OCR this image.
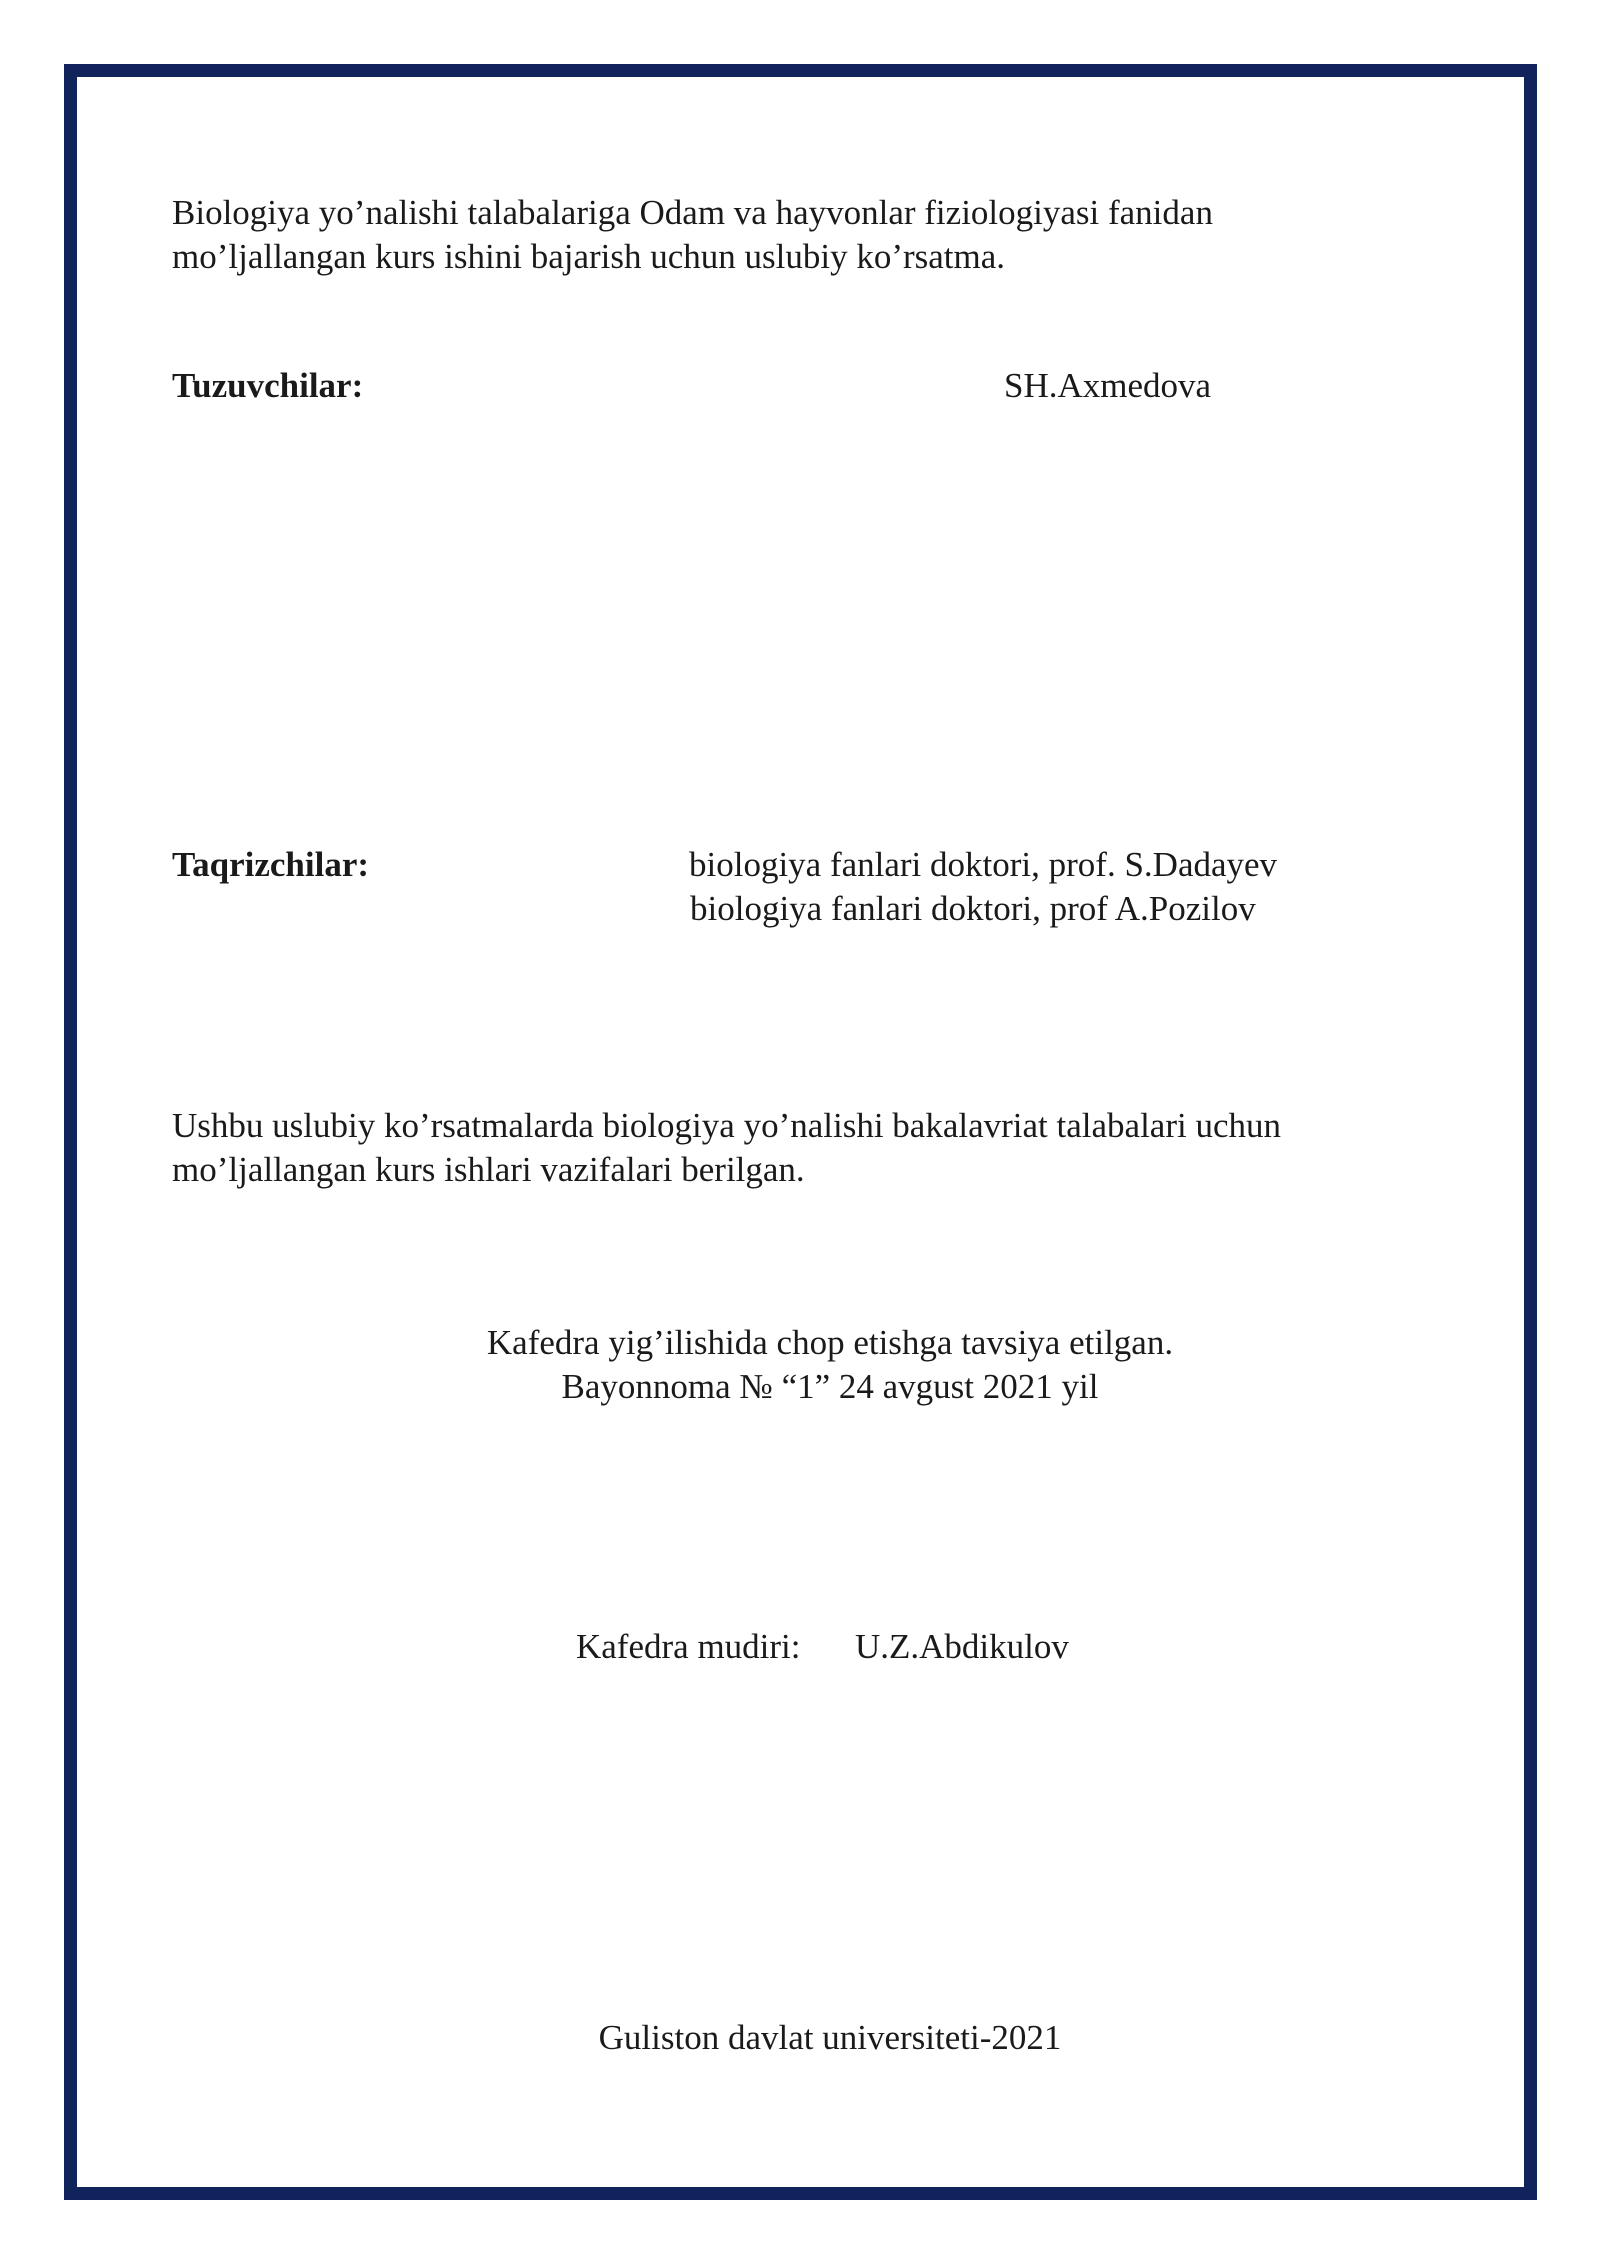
Biologiya yo’nalishi talabalariga Odam va hayvonlar fiziologiyasi fanidan
mo’ljallangan kurs ishini bajarish uchun uslubiy ko’rsatma.
Tuzuvchilar:	SH.Axmedova
Taqrizchilar:	biologiya fanlari doktori, prof. S.Dadayev
biologiya fanlari doktori, prof A.Pozilov
Ushbu uslubiy ko’rsatmalarda biologiya yo’nalishi bakalavriat talabalari uchun
mo’ljallangan kurs ishlari vazifalari berilgan.
Kafedra yig’ilishida chop etishga tavsiya etilgan.
Bayonnoma № “1” 24 avgust 2021 yil
Kafedra mudiri: U.Z.Abdikulov
Guliston davlat universiteti-2021
